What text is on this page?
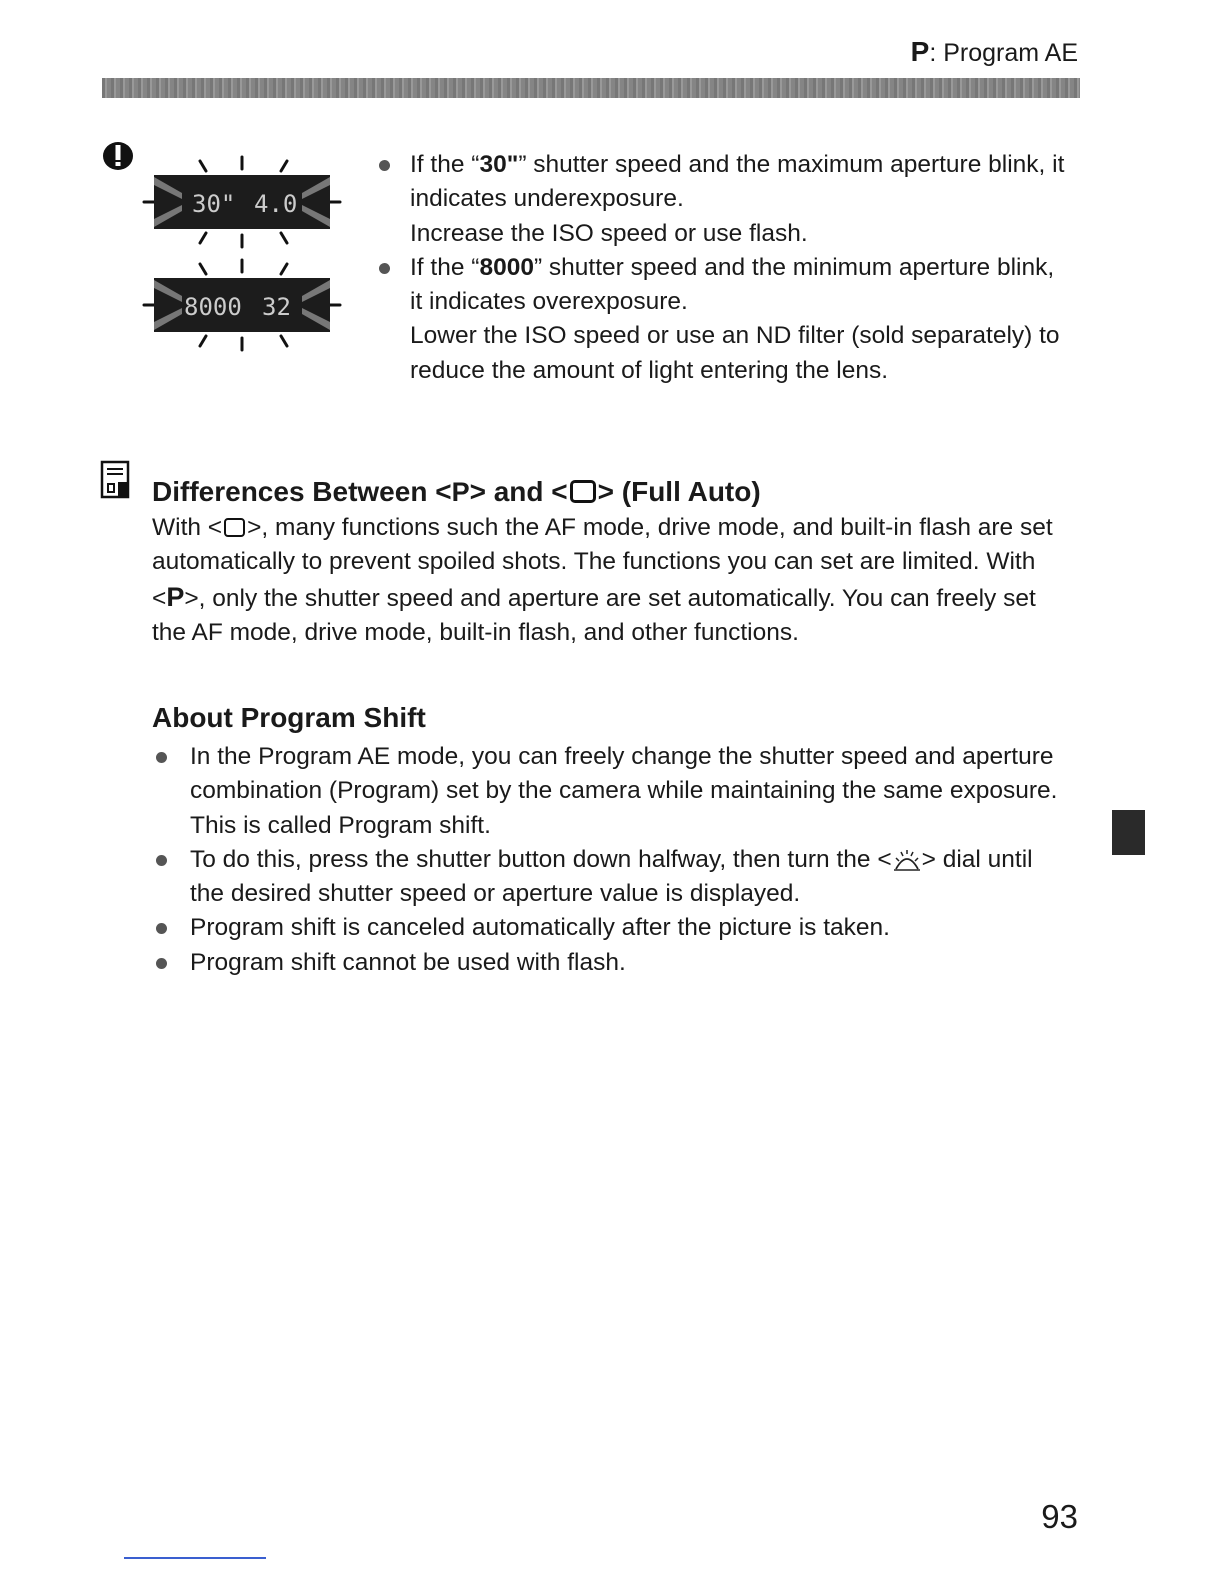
P: Program AE
30" 4.0
8000 32
If the “30"” shutter speed and the maximum aperture blink, it indicates underexposure.
Increase the ISO speed or use flash.
If the “8000” shutter speed and the minimum aperture blink, it indicates overexposure.
Lower the ISO speed or use an ND filter (sold separately) to reduce the amount of light entering the lens.
Differences Between <P> and < > (Full Auto)

With < >, many functions such the AF mode, drive mode, and built-in flash are set automatically to prevent spoiled shots. The functions you can set are limited. With <P>, only the shutter speed and aperture are set automatically. You can freely set the AF mode, drive mode, built-in flash, and other functions.

About Program Shift
In the Program AE mode, you can freely change the shutter speed and aperture combination (Program) set by the camera while maintaining the same exposure. This is called Program shift.
To do this, press the shutter button down halfway, then turn the < > dial until the desired shutter speed or aperture value is displayed.
Program shift is canceled automatically after the picture is taken.
Program shift cannot be used with flash.
93
